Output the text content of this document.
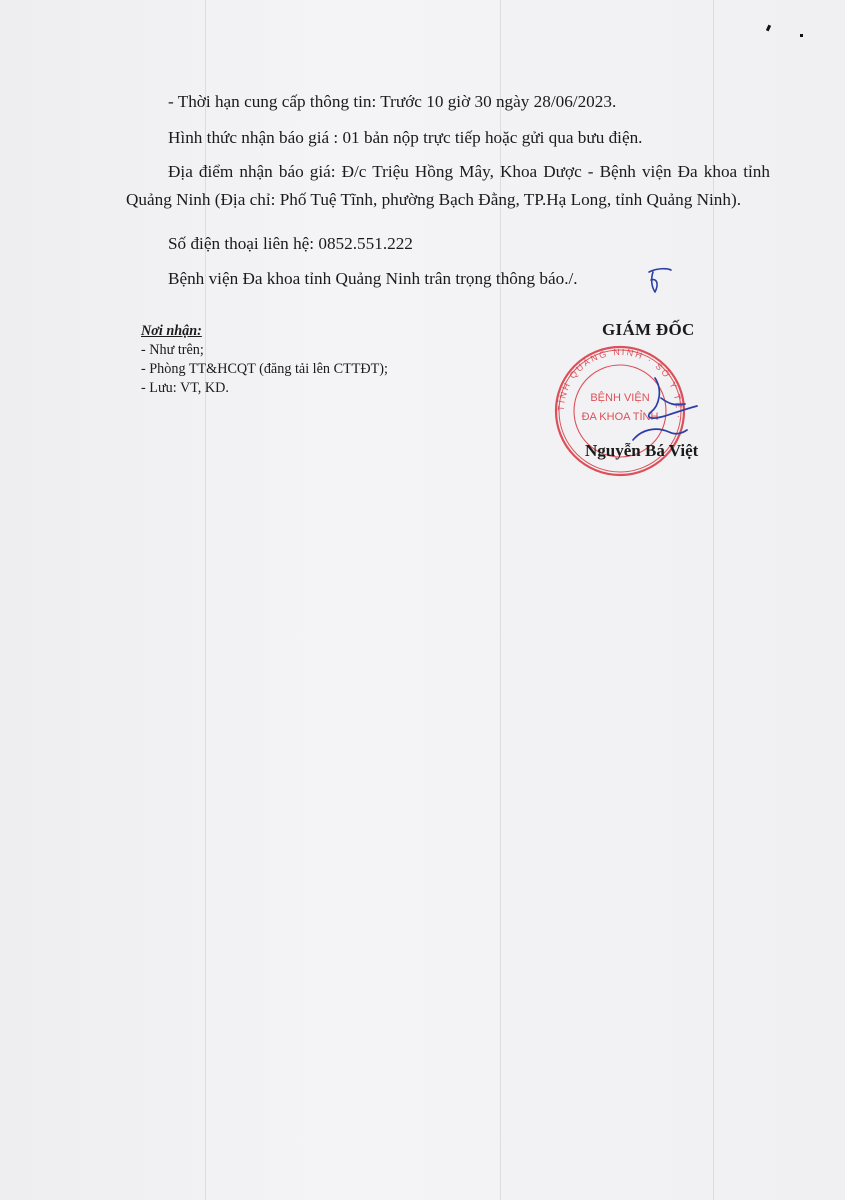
- Thời hạn cung cấp thông tin: Trước 10 giờ 30 ngày 28/06/2023.

Hình thức nhận báo giá : 01 bản nộp trực tiếp hoặc gửi qua bưu điện.

Địa điểm nhận báo giá: Đ/c Triệu Hồng Mây, Khoa Dược - Bệnh viện Đa khoa tỉnh Quảng Ninh (Địa chỉ: Phố Tuệ Tĩnh, phường Bạch Đằng, TP.Hạ Long, tỉnh Quảng Ninh).

Số điện thoại liên hệ: 0852.551.222

Bệnh viện Đa khoa tỉnh Quảng Ninh trân trọng thông báo./.

Nơi nhận:
- Như trên;
- Phòng TT&HCQT (đăng tải lên CTTĐT);
- Lưu: VT, KD.
GIÁM ĐỐC
TỈNH QUẢNG NINH · SỞ Y TẾ ·
BỆNH VIỆN
ĐA KHOA TỈNH
Nguyễn Bá Việt
